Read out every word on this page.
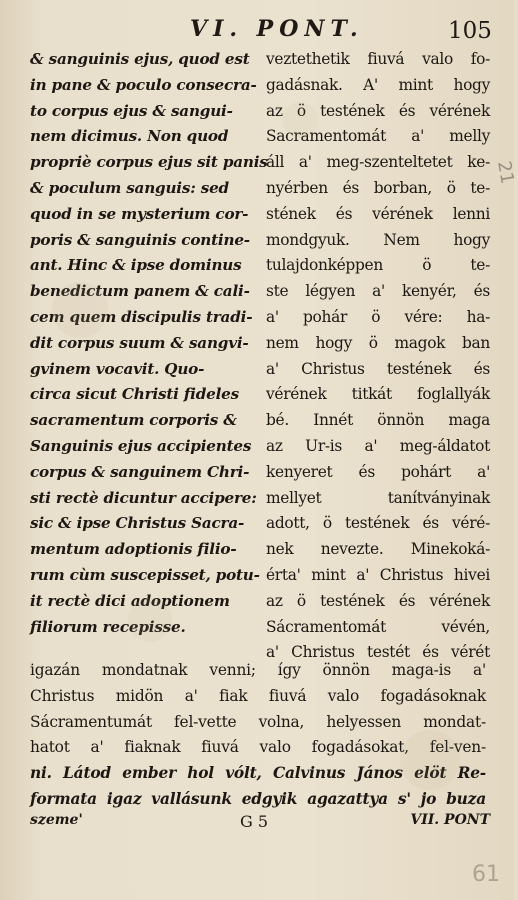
VI. PONT.	105
& sanguinis ejus, quod est
in pane & poculo consecra-
to corpus ejus & sangui-
nem dicimus. Non quod
propriè corpus ejus sit panis
& poculum sanguis: sed
quod in se mysterium cor-
poris & sanguinis contine-
ant. Hinc & ipse dominus
benedictum panem & cali-
cem quem discipulis tradi-
dit corpus suum & sangvi-
gvinem vocavit. Quo-
circa sicut Christi fideles
sacramentum corporis &
Sanguinis ejus accipientes
corpus & sanguinem Chri-
sti rectè dicuntur accipere:
sic & ipse Christus Sacra-
mentum adoptionis filio-
rum cùm suscepisset, potu-
it rectè dici adoptionem
filiorum recepisse.
veztethetik fiuvá valo fo-
gadásnak. A' mint hogy
az ö testének és vérének
Sacramentomát a' melly
áll a' meg-szenteltetet ke-
nyérben és borban, ö te-
stének és vérének lenni
mondgyuk. Nem hogy
tulajdonképpen ö te-
ste légyen a' kenyér, és
a' pohár ö vére: ha-
nem hogy ö magok ban
a' Christus testének és
vérének titkát foglallyák
bé. Innét önnön maga
az Ur-is a' meg-áldatot
kenyeret és pohárt a'
mellyet tanítványinak
adott, ö testének és véré-
nek nevezte. Minekoká-
érta' mint a' Christus hivei
az ö testének és vérének
Sácramentomát vévén,
a' Christus testét és vérét
igazán mondatnak venni; így önnön maga-is a'
Christus midön a' fiak fiuvá valo fogadásoknak
Sácramentumát fel-vette volna, helyessen mondat-
hatot a' fiaknak fiuvá valo fogadásokat, fel-ven-
ni. Látod ember hol vólt, Calvinus János elöt Re-
formata igaz vallásunk edgyik agazattya s' jo buza
szeme'	G 5	VII. PONT
21
61
